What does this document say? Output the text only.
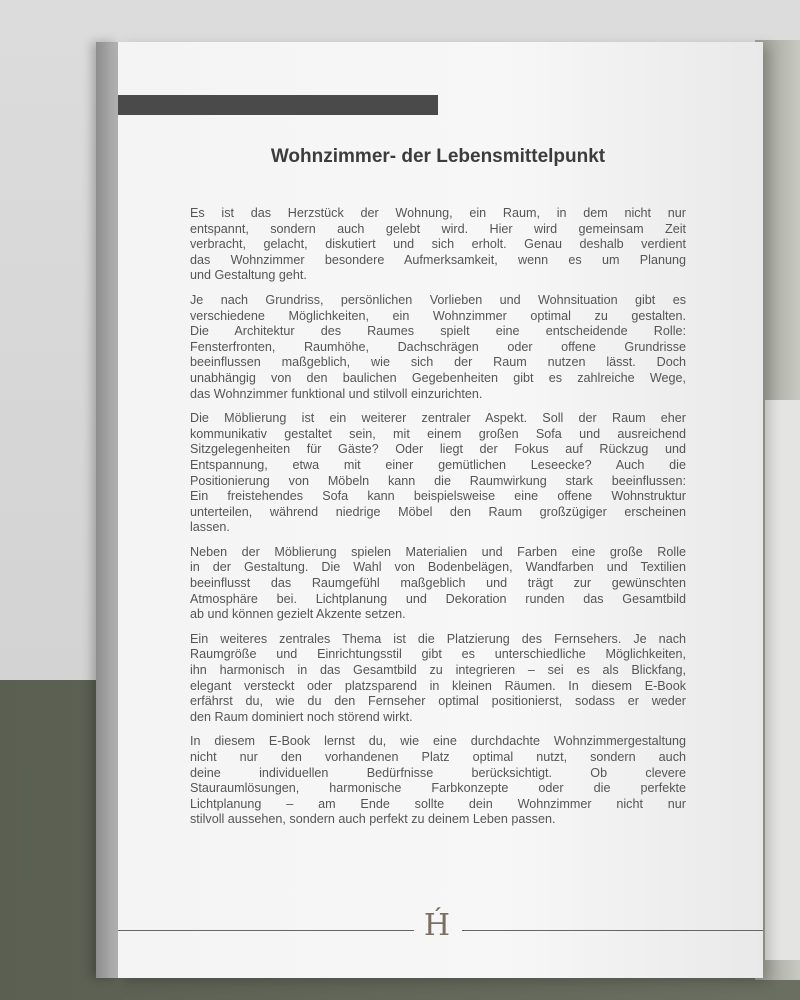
Wohnzimmer- der Lebensmittelpunkt
Es ist das Herzstück der Wohnung, ein Raum, in dem nicht nur
entspannt, sondern auch gelebt wird. Hier wird gemeinsam Zeit
verbracht, gelacht, diskutiert und sich erholt. Genau deshalb verdient
das Wohnzimmer besondere Aufmerksamkeit, wenn es um Planung
und Gestaltung geht.
Je nach Grundriss, persönlichen Vorlieben und Wohnsituation gibt es
verschiedene Möglichkeiten, ein Wohnzimmer optimal zu gestalten.
Die Architektur des Raumes spielt eine entscheidende Rolle:
Fensterfronten, Raumhöhe, Dachschrägen oder offene Grundrisse
beeinflussen maßgeblich, wie sich der Raum nutzen lässt. Doch
unabhängig von den baulichen Gegebenheiten gibt es zahlreiche Wege,
das Wohnzimmer funktional und stilvoll einzurichten.
Die Möblierung ist ein weiterer zentraler Aspekt. Soll der Raum eher
kommunikativ gestaltet sein, mit einem großen Sofa und ausreichend
Sitzgelegenheiten für Gäste? Oder liegt der Fokus auf Rückzug und
Entspannung, etwa mit einer gemütlichen Leseecke? Auch die
Positionierung von Möbeln kann die Raumwirkung stark beeinflussen:
Ein freistehendes Sofa kann beispielsweise eine offene Wohnstruktur
unterteilen, während niedrige Möbel den Raum großzügiger erscheinen
lassen.
Neben der Möblierung spielen Materialien und Farben eine große Rolle
in der Gestaltung. Die Wahl von Bodenbelägen, Wandfarben und Textilien
beeinflusst das Raumgefühl maßgeblich und trägt zur gewünschten
Atmosphäre bei. Lichtplanung und Dekoration runden das Gesamtbild
ab und können gezielt Akzente setzen.
Ein weiteres zentrales Thema ist die Platzierung des Fernsehers. Je nach
Raumgröße und Einrichtungsstil gibt es unterschiedliche Möglichkeiten,
ihn harmonisch in das Gesamtbild zu integrieren – sei es als Blickfang,
elegant versteckt oder platzsparend in kleinen Räumen. In diesem E-Book
erfährst du, wie du den Fernseher optimal positionierst, sodass er weder
den Raum dominiert noch störend wirkt.
In diesem E-Book lernst du, wie eine durchdachte Wohnzimmergestaltung
nicht nur den vorhandenen Platz optimal nutzt, sondern auch
deine individuellen Bedürfnisse berücksichtigt. Ob clevere
Stauraumlösungen, harmonische Farbkonzepte oder die perfekte
Lichtplanung – am Ende sollte dein Wohnzimmer nicht nur
stilvoll aussehen, sondern auch perfekt zu deinem Leben passen.
H́
